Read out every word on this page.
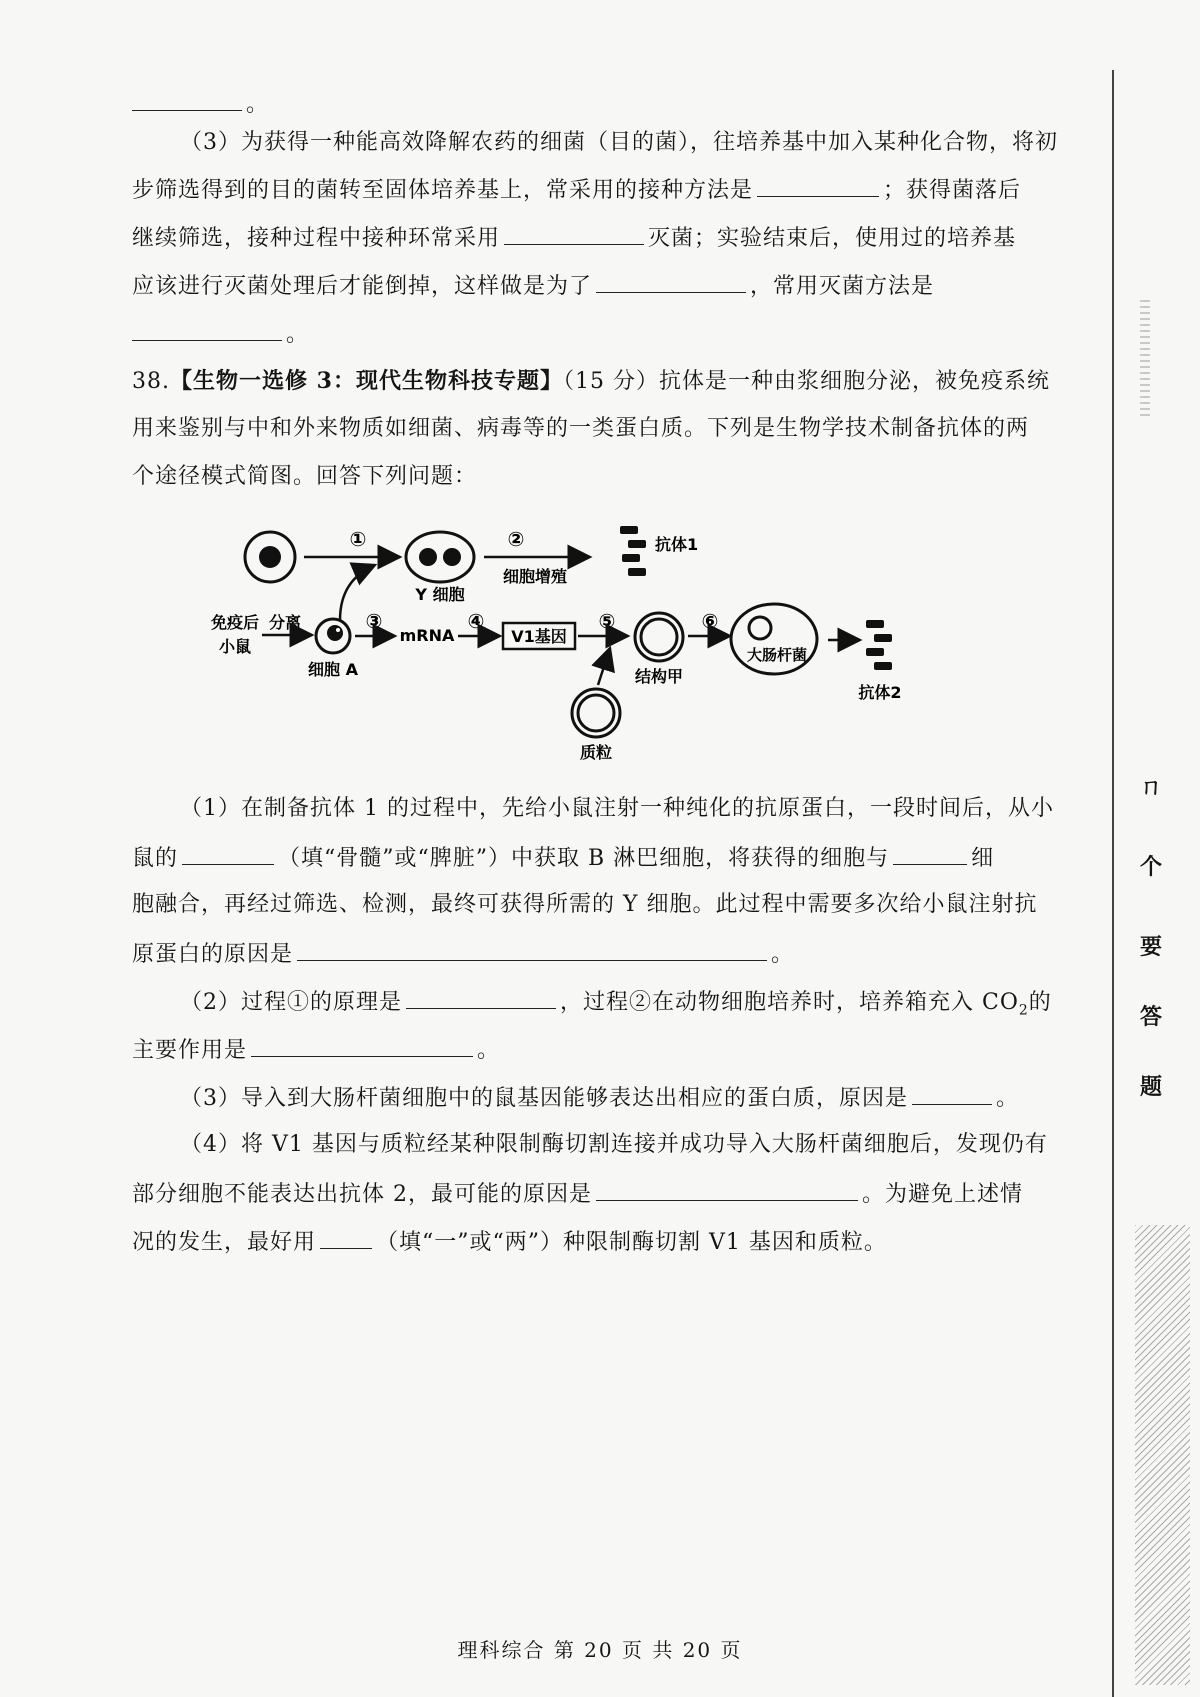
。
（3）为获得一种能高效降解农药的细菌（目的菌），往培养基中加入某种化合物，将初
步筛选得到的目的菌转至固体培养基上，常采用的接种方法是	；获得菌落后
继续筛选，接种过程中接种环常采用	灭菌；实验结束后，使用过的培养基
应该进行灭菌处理后才能倒掉，这样做是为了	，常用灭菌方法是
。
38.【生物一选修 3：现代生物科技专题】（15 分）抗体是一种由浆细胞分泌，被免疫系统
用来鉴别与中和外来物质如细菌、病毒等的一类蛋白质。下列是生物学技术制备抗体的两
个途径模式简图。回答下列问题：
①
Y 细胞
②
细胞增殖
抗体1
免疫后
小鼠
分离
细胞 A
③
mRNA
④
V1基因
⑤
结构甲
⑥
大肠杆菌
抗体2
质粒
（1）在制备抗体 1 的过程中，先给小鼠注射一种纯化的抗原蛋白，一段时间后，从小
鼠的	（填“骨髓”或“脾脏”）中获取 B 淋巴细胞，将获得的细胞与	细
胞融合，再经过筛选、检测，最终可获得所需的 Y 细胞。此过程中需要多次给小鼠注射抗
原蛋白的原因是	。
（2）过程①的原理是	，过程②在动物细胞培养时，培养箱充入 $CO_2$的
主要作用是	。
（3）导入到大肠杆菌细胞中的鼠基因能够表达出相应的蛋白质，原因是	。
（4）将 V1 基因与质粒经某种限制酶切割连接并成功导入大肠杆菌细胞后，发现仍有
部分细胞不能表达出抗体 2，最可能的原因是	。为避免上述情
况的发生，最好用	（填“一”或“两”）种限制酶切割 V1 基因和质粒。
理科综合 第 20 页 共 20 页
ㄇ
个
要
答
题
